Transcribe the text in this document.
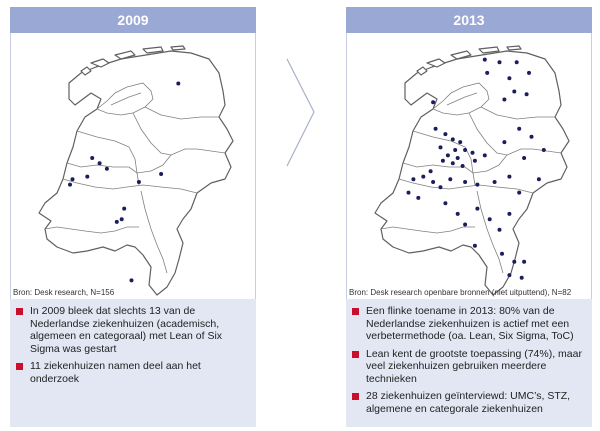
2009
Bron: Desk research, N=156
In 2009 bleek dat slechts 13 van de Nederlandse ziekenhuizen (academisch, algemeen en categoraal) met Lean of Six Sigma was gestart
11 ziekenhuizen namen deel aan het onderzoek
2013
Bron: Desk research openbare bronnen (niet uitputtend), N=82
Een flinke toename in 2013: 80% van de Nederlandse ziekenhuizen is actief met een verbetermethode (oa. Lean, Six Sigma, ToC)
Lean kent de grootste toepassing (74%), maar veel ziekenhuizen gebruiken meerdere technieken
28 ziekenhuizen geïnterviewd: UMC’s, STZ, algemene en categorale ziekenhuizen
